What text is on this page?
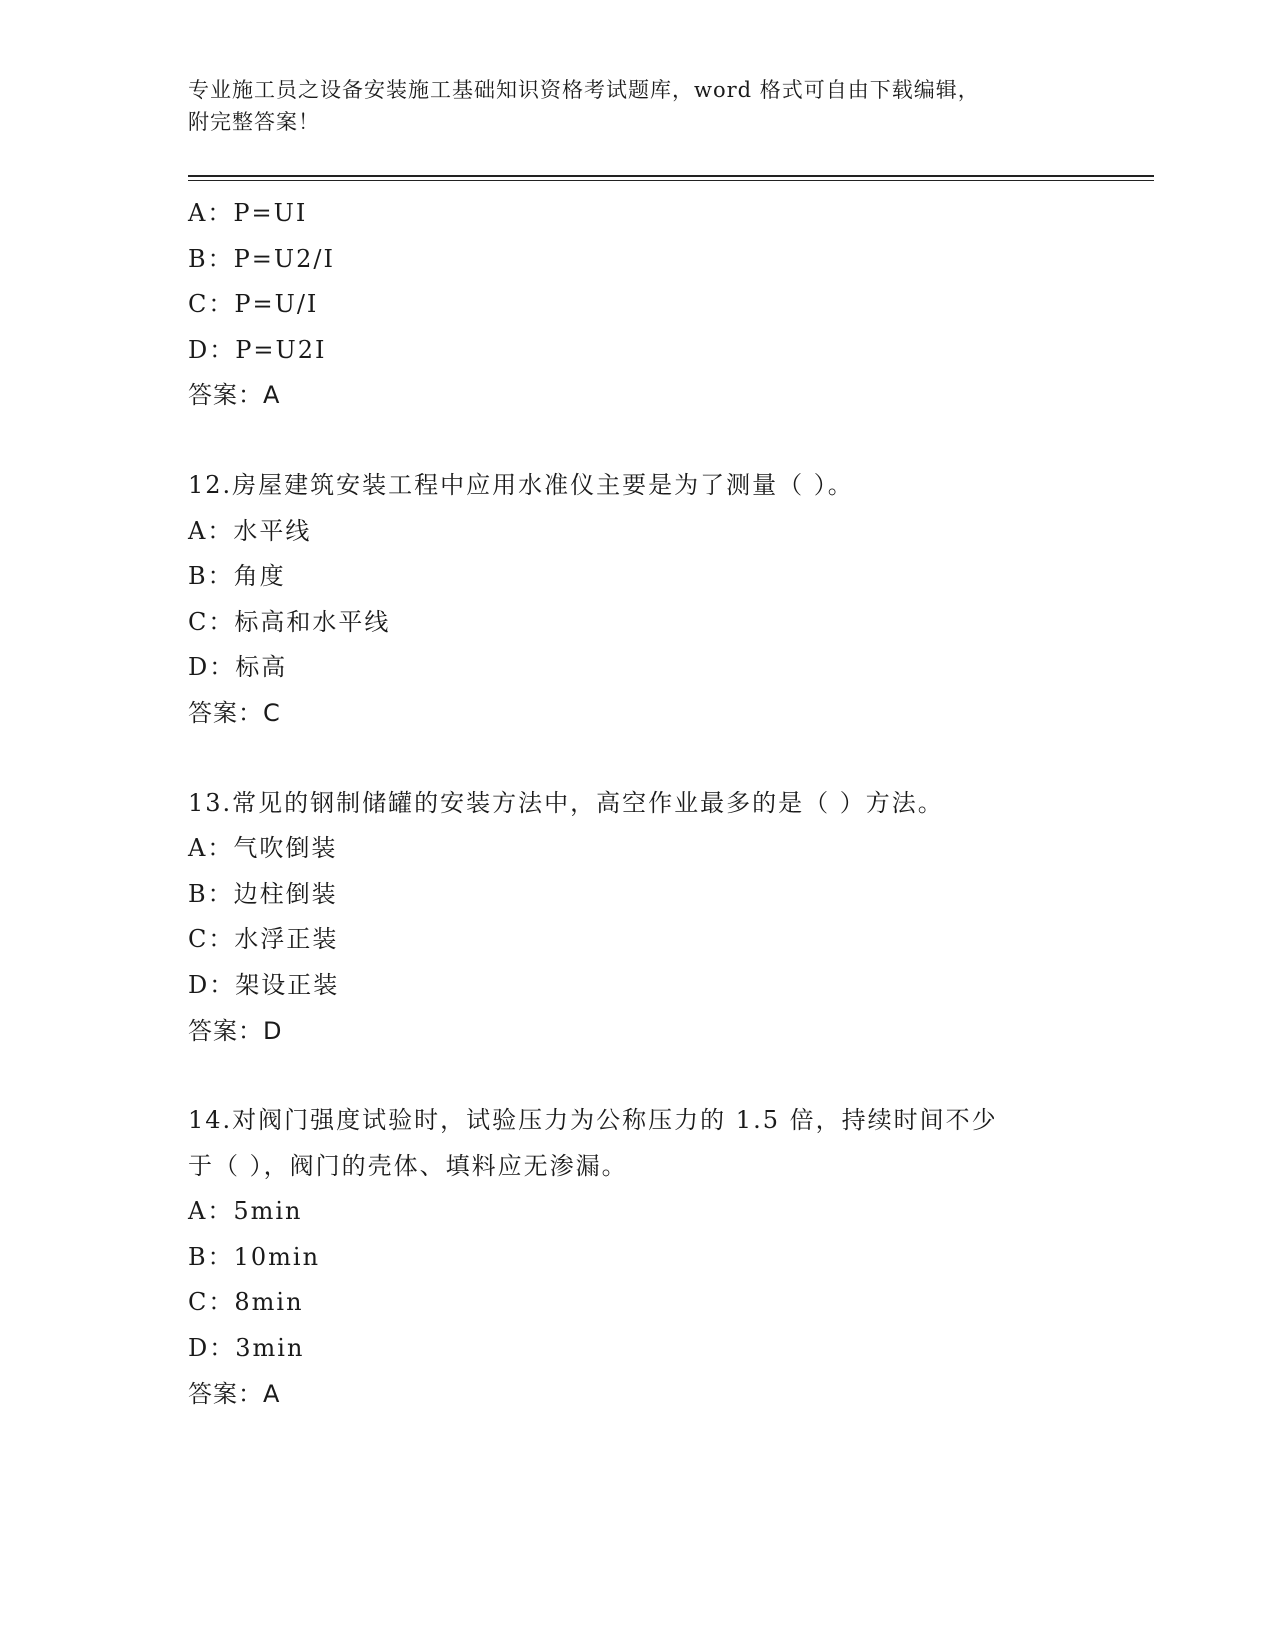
专业施工员之设备安装施工基础知识资格考试题库，word 格式可自由下载编辑，
附完整答案！
A：P=UI
B：P=U2/I
C：P=U/I
D：P=U2I
答案：A
12.房屋建筑安装工程中应用水准仪主要是为了测量（ ）。
A：水平线
B：角度
C：标高和水平线
D：标高
答案：C
13.常见的钢制储罐的安装方法中，高空作业最多的是（ ）方法。
A：气吹倒装
B：边柱倒装
C：水浮正装
D：架设正装
答案：D
14.对阀门强度试验时，试验压力为公称压力的 1.5 倍，持续时间不少
于（ ），阀门的壳体、填料应无渗漏。
A：5min
B：10min
C：8min
D：3min
答案：A
